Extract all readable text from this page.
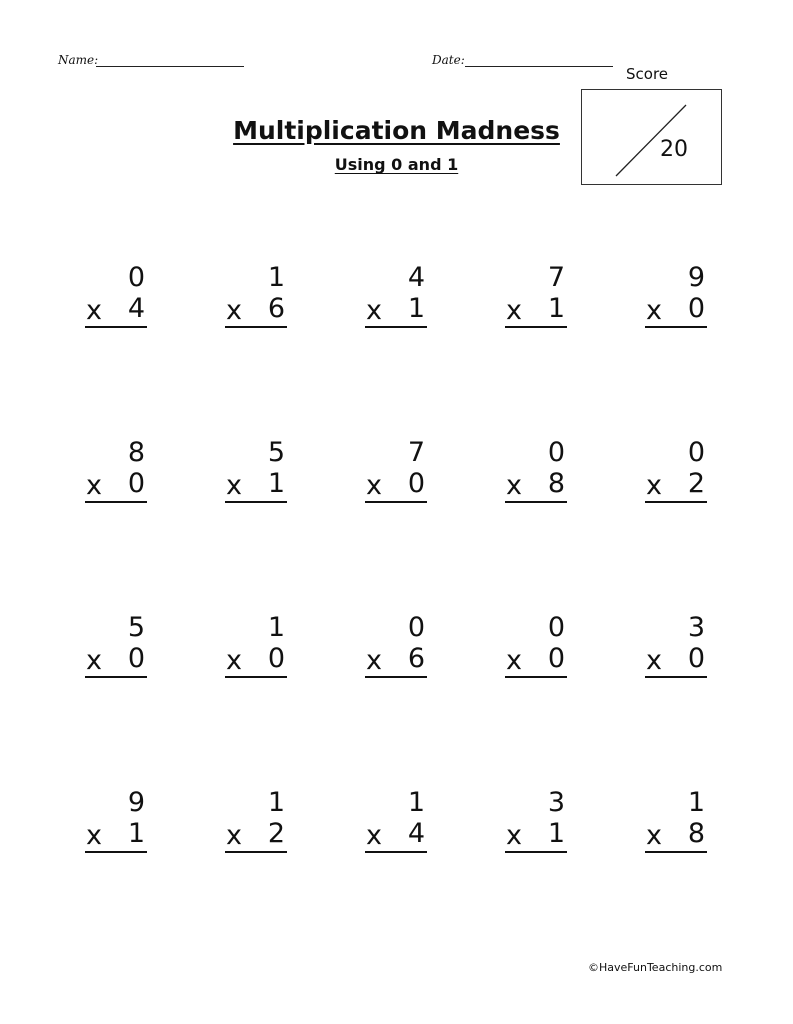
Name:	Date:
Score
20
Multiplication Madness
Using 0 and 1
0
x 4
1
x 6
4
x 1
7
x 1
9
x 0
8
x 0
5
x 1
7
x 0
0
x 8
0
x 2
5
x 0
1
x 0
0
x 6
0
x 0
3
x 0
9
x 1
1
x 2
1
x 4
3
x 1
1
x 8
©HaveFunTeaching.com
